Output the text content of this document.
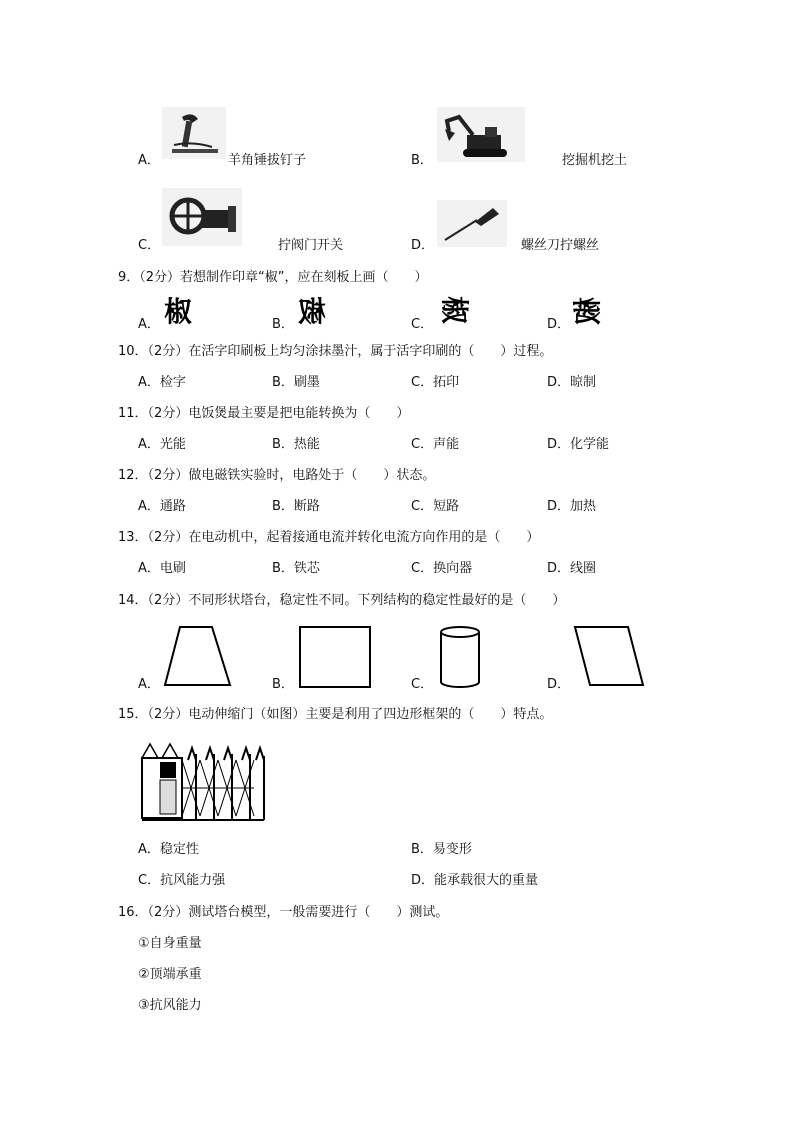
A．	羊角锤拔钉子	B．	挖掘机挖土
C．	拧阀门开关	D．	螺丝刀拧螺丝
9．（2分）若想制作印章“椒”，应在刻板上画（　　）
A． 椒	B． 椒	C．
椒
D． 椒
10．（2分）在活字印刷板上均匀涂抹墨汁，属于活字印刷的（　　）过程。
A．检字	B．刷墨	C．拓印	D．晾制
11．（2分）电饭煲最主要是把电能转换为（　　）
A．光能	B．热能	C．声能	D．化学能
12．（2分）做电磁铁实验时，电路处于（　　）状态。
A．通路	B．断路	C．短路	D．加热
13．（2分）在电动机中，起着接通电流并转化电流方向作用的是（　　）
A．电刷	B．铁芯	C．换向器	D．线圈
14．（2分）不同形状塔台，稳定性不同。下列结构的稳定性最好的是（　　）
A．	B．	C．	D．
15．（2分）电动伸缩门（如图）主要是利用了四边形框架的（　　）特点。
A．稳定性	B．易变形
C．抗风能力强	D．能承载很大的重量
16．（2分）测试塔台模型，一般需要进行（　　）测试。
①自身重量
②顶端承重
③抗风能力
